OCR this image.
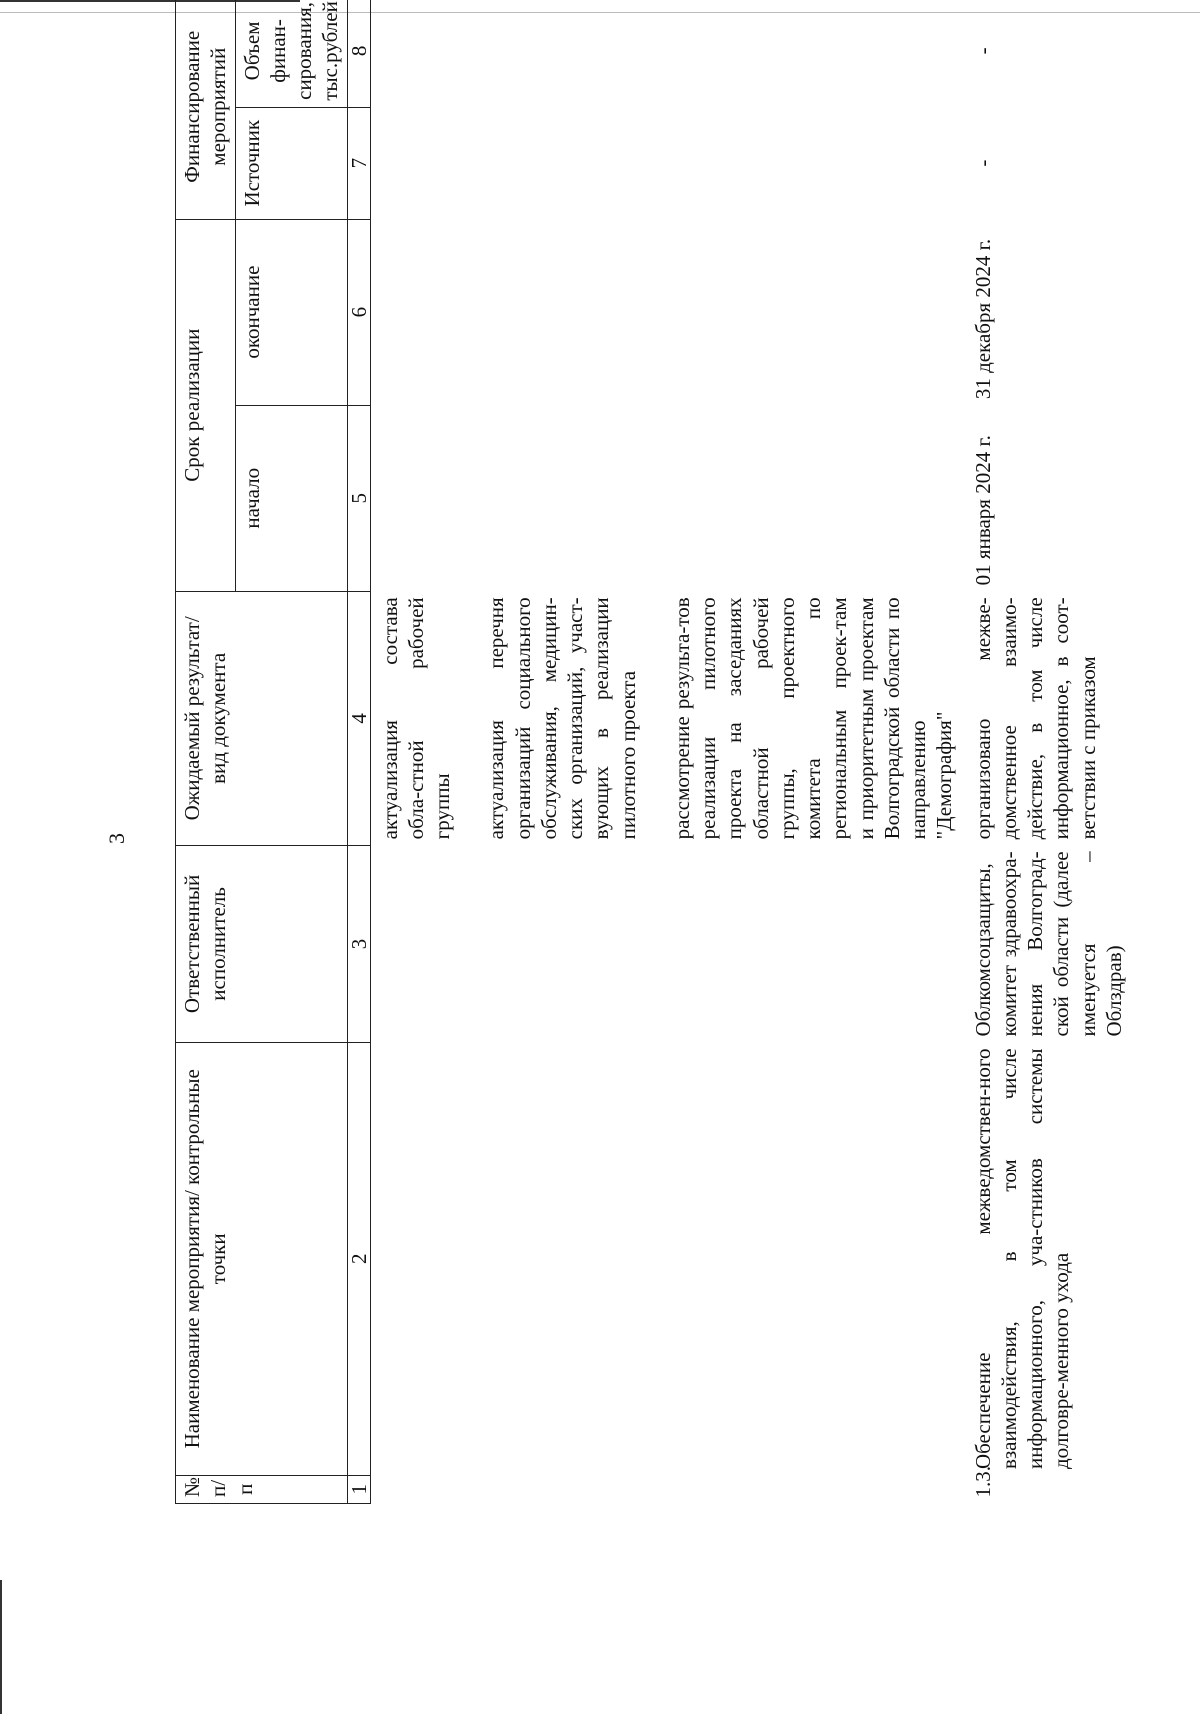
3
№ п/п	Наименование мероприятия/ контрольные точки	Ответственный исполнитель	Ожидаемый результат/ вид документа	Срок реализации		Финансирование мероприятий	
				начало	окончание	Источник	Объем финан-сирования, тыс.рублей
1	2	3	4	5	6	7	8

			актуализация состава обла-стной рабочей группы актуализация перечня организаций социального обслуживания, медицин-ских организаций, участ-вующих в реализации пилотного проекта рассмотрение результа-тов реализации пилотного проекта на заседаниях областной рабочей группы, проектного комитета по региональным проек-там и приоритетным проектам Волгоградской области по направлению "Демография"				

1.3.	Обеспечение межведомствен-ного взаимодействия, в том числе информационного, уча-стников системы долговре-менного ухода	Облкомсоцзащиты, комитет здравоохра-нения Волгоград-ской области (далее именуется – Облздрав)	организовано межве-домственное взаимо-действие, в том числе информационное, в соот-ветствии с приказом	01 января 2024 г.	31 декабря 2024 г.	-	-
